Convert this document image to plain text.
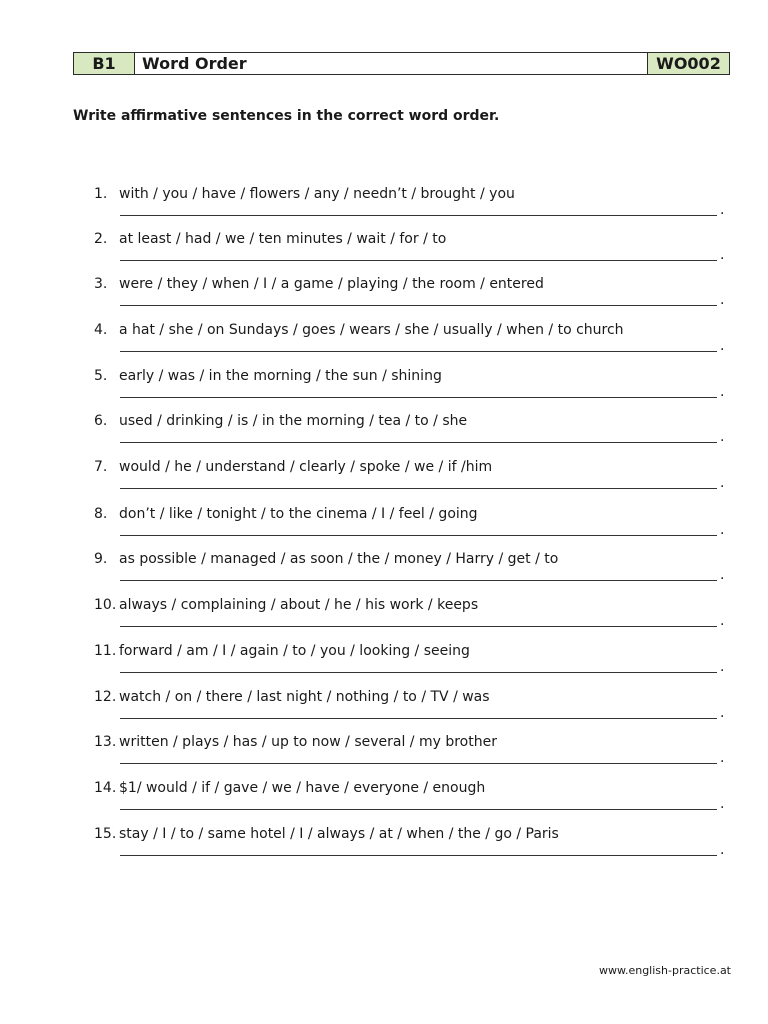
B1	Word Order	WO002
Write affirmative sentences in the correct word order.
1. with / you / have / flowers / any / needn’t / brought / you
.
2. at least / had / we / ten minutes / wait / for / to
.
3. were / they / when / I / a game / playing / the room / entered
.
4. a hat / she / on Sundays / goes / wears / she / usually / when / to church
.
5. early / was / in the morning / the sun / shining
.
6. used / drinking / is / in the morning / tea / to / she
.
7. would / he / understand / clearly / spoke / we / if /him
.
8. don’t / like / tonight / to the cinema / I / feel / going
.
9. as possible / managed / as soon / the / money / Harry / get / to
.
10. always / complaining / about / he / his work / keeps
.
11. forward / am / I / again / to / you / looking / seeing
.
12. watch / on / there / last night / nothing / to / TV / was
.
13. written / plays / has / up to now / several / my brother
.
14. $1/ would / if / gave / we / have / everyone / enough
.
15. stay / I / to / same hotel / I / always / at / when / the / go / Paris
.
www.english-practice.at
